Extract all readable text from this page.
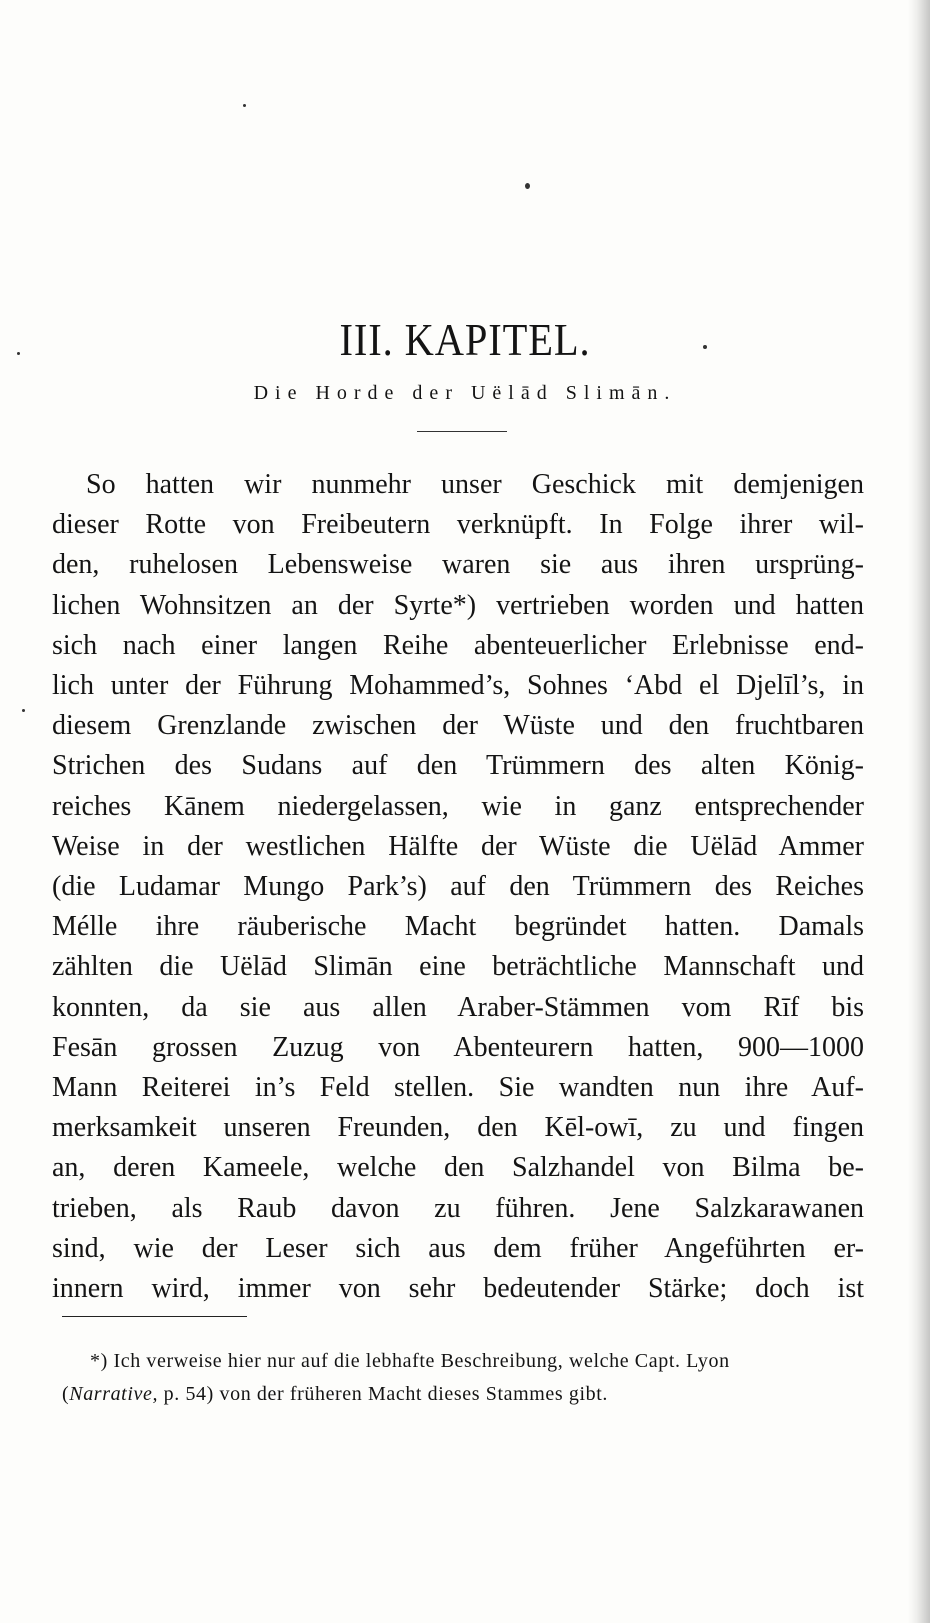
III. KAPITEL.
Die Horde der Uëlād Slimān.
So hatten wir nunmehr unser Geschick mit demjenigen
dieser Rotte von Freibeutern verknüpft. In Folge ihrer wil-
den, ruhelosen Lebensweise waren sie aus ihren ursprüng-
lichen Wohnsitzen an der Syrte*) vertrieben worden und hatten
sich nach einer langen Reihe abenteuerlicher Erlebnisse end-
lich unter der Führung Mohammed’s, Sohnes ‘Abd el Djelīl’s, in
diesem Grenzlande zwischen der Wüste und den fruchtbaren
Strichen des Sudans auf den Trümmern des alten König-
reiches Kānem niedergelassen, wie in ganz entsprechender
Weise in der westlichen Hälfte der Wüste die Uëlād Ammer
(die Ludamar Mungo Park’s) auf den Trümmern des Reiches
Mélle ihre räuberische Macht begründet hatten. Damals
zählten die Uëlād Slimān eine beträchtliche Mannschaft und
konnten, da sie aus allen Araber-Stämmen vom Rīf bis
Fesān grossen Zuzug von Abenteurern hatten, 900—1000
Mann Reiterei in’s Feld stellen. Sie wandten nun ihre Auf-
merksamkeit unseren Freunden, den Kēl-owī, zu und fingen
an, deren Kameele, welche den Salzhandel von Bilma be-
trieben, als Raub davon zu führen. Jene Salzkarawanen
sind, wie der Leser sich aus dem früher Angeführten er-
innern wird, immer von sehr bedeutender Stärke; doch ist
*) Ich verweise hier nur auf die lebhafte Beschreibung, welche Capt. Lyon
(Narrative, p. 54) von der früheren Macht dieses Stammes gibt.
